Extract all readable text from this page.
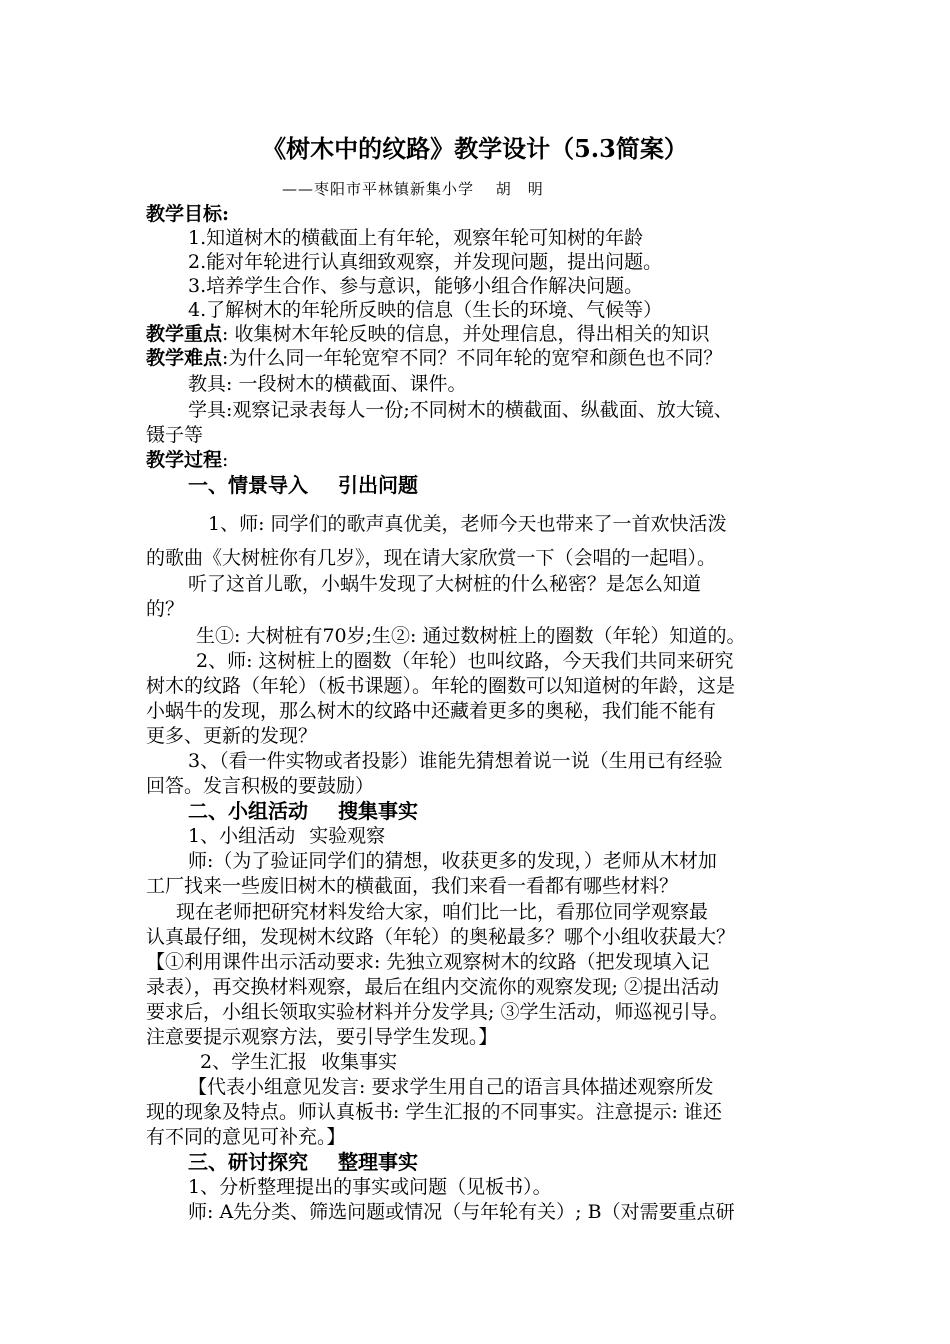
《树木中的纹路》教学设计（5.3简案）
——枣阳市平林镇新集小学　 胡　明
教学目标:
1.知道树木的横截面上有年轮，观察年轮可知树的年龄
2.能对年轮进行认真细致观察，并发现问题，提出问题。
3.培养学生合作、参与意识，能够小组合作解决问题。
4.了解树木的年轮所反映的信息（生长的环境、气候等）
教学重点: 收集树木年轮反映的信息，并处理信息，得出相关的知识
教学难点:为什么同一年轮宽窄不同？不同年轮的宽窄和颜色也不同？
教具: 一段树木的横截面、课件。
学具:观察记录表每人一份;不同树木的横截面、纵截面、放大镜、
镊子等
教学过程:
一、情景导入 引出问题
1、师: 同学们的歌声真优美，老师今天也带来了一首欢快活泼
的歌曲《大树桩你有几岁》，现在请大家欣赏一下（会唱的一起唱）。
听了这首儿歌，小蜗牛发现了大树桩的什么秘密？是怎么知道
的？
生①: 大树桩有70岁;生②: 通过数树桩上的圈数（年轮）知道的。
2、师: 这树桩上的圈数（年轮）也叫纹路，今天我们共同来研究
树木的纹路（年轮）（板书课题）。年轮的圈数可以知道树的年龄，这是
小蜗牛的发现，那么树木的纹路中还藏着更多的奥秘，我们能不能有
更多、更新的发现？
3、（看一件实物或者投影）谁能先猜想着说一说（生用已有经验
回答。发言积极的要鼓励）
二、小组活动 搜集事实
1、小组活动 实验观察
师:（为了验证同学们的猜想，收获更多的发现，）老师从木材加
工厂找来一些废旧树木的横截面，我们来看一看都有哪些材料？
现在老师把研究材料发给大家，咱们比一比，看那位同学观察最
认真最仔细，发现树木纹路（年轮）的奥秘最多？哪个小组收获最大？
【①利用课件出示活动要求: 先独立观察树木的纹路（把发现填入记
录表），再交换材料观察，最后在组内交流你的观察发现; ②提出活动
要求后，小组长领取实验材料并分发学具; ③学生活动，师巡视引导。
注意要提示观察方法，要引导学生发现。】
2、学生汇报 收集事实
【代表小组意见发言: 要求学生用自己的语言具体描述观察所发
现的现象及特点。师认真板书: 学生汇报的不同事实。注意提示: 谁还
有不同的意见可补充。】
三、研讨探究 整理事实
1、分析整理提出的事实或问题（见板书）。
师: A先分类、筛选问题或情况（与年轮有关）; B（对需要重点研
